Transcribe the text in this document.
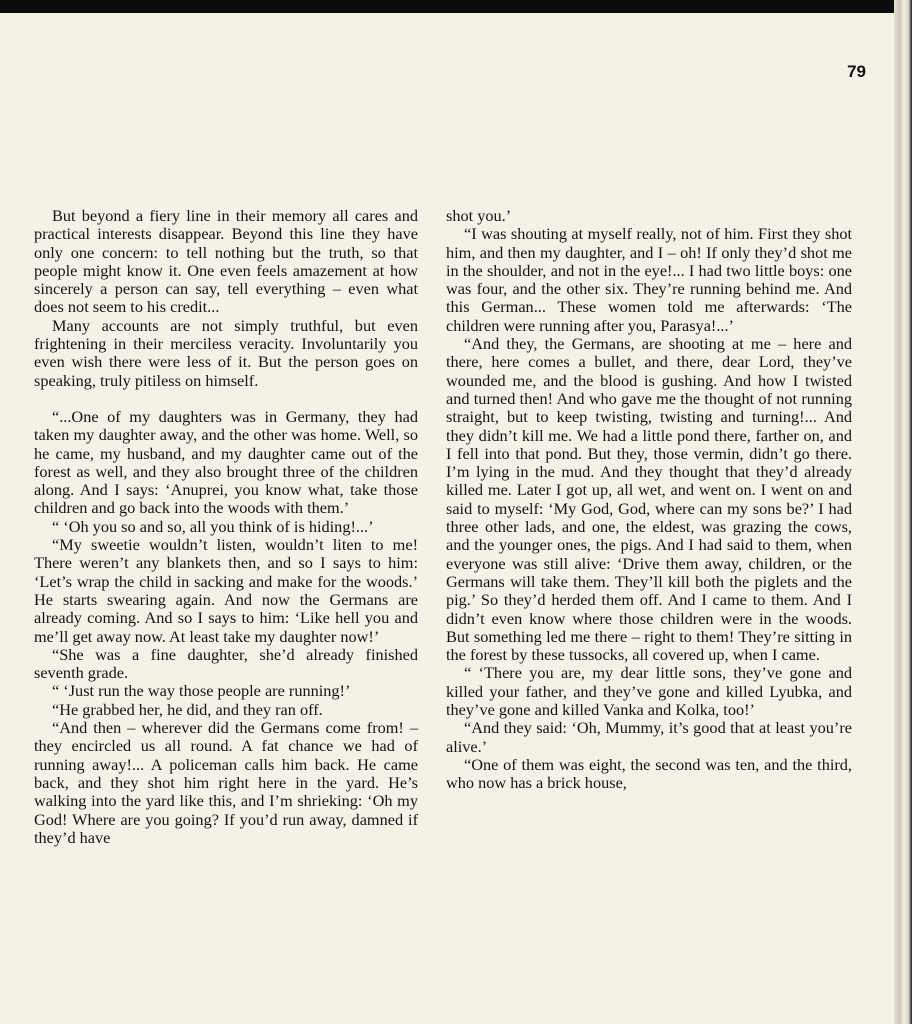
79

But beyond a fiery line in their memory all cares and practical interests disappear. Beyond this line they have only one concern: to tell nothing but the truth, so that people might know it. One even feels amazement at how sincerely a person can say, tell everything – even what does not seem to his credit...

Many accounts are not simply truthful, but even frightening in their merciless veracity. Involuntarily you even wish there were less of it. But the person goes on speaking, truly pitiless on himself.

“...One of my daughters was in Germany, they had taken my daughter away, and the other was home. Well, so he came, my husband, and my daughter came out of the forest as well, and they also brought three of the children along. And I says: ‘Anuprei, you know what, take those children and go back into the woods with them.’

“ ‘Oh you so and so, all you think of is hiding!...’

“My sweetie wouldn’t listen, wouldn’t liten to me! There weren’t any blankets then, and so I says to him: ‘Let’s wrap the child in sacking and make for the woods.’ He starts swearing again. And now the Germans are already coming. And so I says to him: ‘Like hell you and me’ll get away now. At least take my daughter now!’

“She was a fine daughter, she’d already finished seventh grade.

“ ‘Just run the way those people are running!’

“He grabbed her, he did, and they ran off.

“And then – wherever did the Germans come from! – they encircled us all round. A fat chance we had of running away!... A policeman calls him back. He came back, and they shot him right here in the yard. He’s walking into the yard like this, and I’m shrieking: ‘Oh my God! Where are you going? If you’d run away, damned if they’d have

shot you.’

“I was shouting at myself really, not of him. First they shot him, and then my daughter, and I – oh! If only they’d shot me in the shoulder, and not in the eye!... I had two little boys: one was four, and the other six. They’re running behind me. And this German... These women told me afterwards: ‘The children were running after you, Parasya!...’

“And they, the Germans, are shooting at me – here and there, here comes a bullet, and there, dear Lord, they’ve wounded me, and the blood is gushing. And how I twisted and turned then! And who gave me the thought of not running straight, but to keep twisting, twisting and turning!... And they didn’t kill me. We had a little pond there, farther on, and I fell into that pond. But they, those vermin, didn’t go there. I’m lying in the mud. And they thought that they’d already killed me. Later I got up, all wet, and went on. I went on and said to myself: ‘My God, God, where can my sons be?’ I had three other lads, and one, the eldest, was grazing the cows, and the younger ones, the pigs. And I had said to them, when everyone was still alive: ‘Drive them away, children, or the Germans will take them. They’ll kill both the piglets and the pig.’ So they’d herded them off. And I came to them. And I didn’t even know where those children were in the woods. But something led me there – right to them! They’re sitting in the forest by these tussocks, all covered up, when I came.

“ ‘There you are, my dear little sons, they’ve gone and killed your father, and they’ve gone and killed Lyubka, and they’ve gone and killed Vanka and Kolka, too!’

“And they said: ‘Oh, Mummy, it’s good that at least you’re alive.’

“One of them was eight, the second was ten, and the third, who now has a brick house,
